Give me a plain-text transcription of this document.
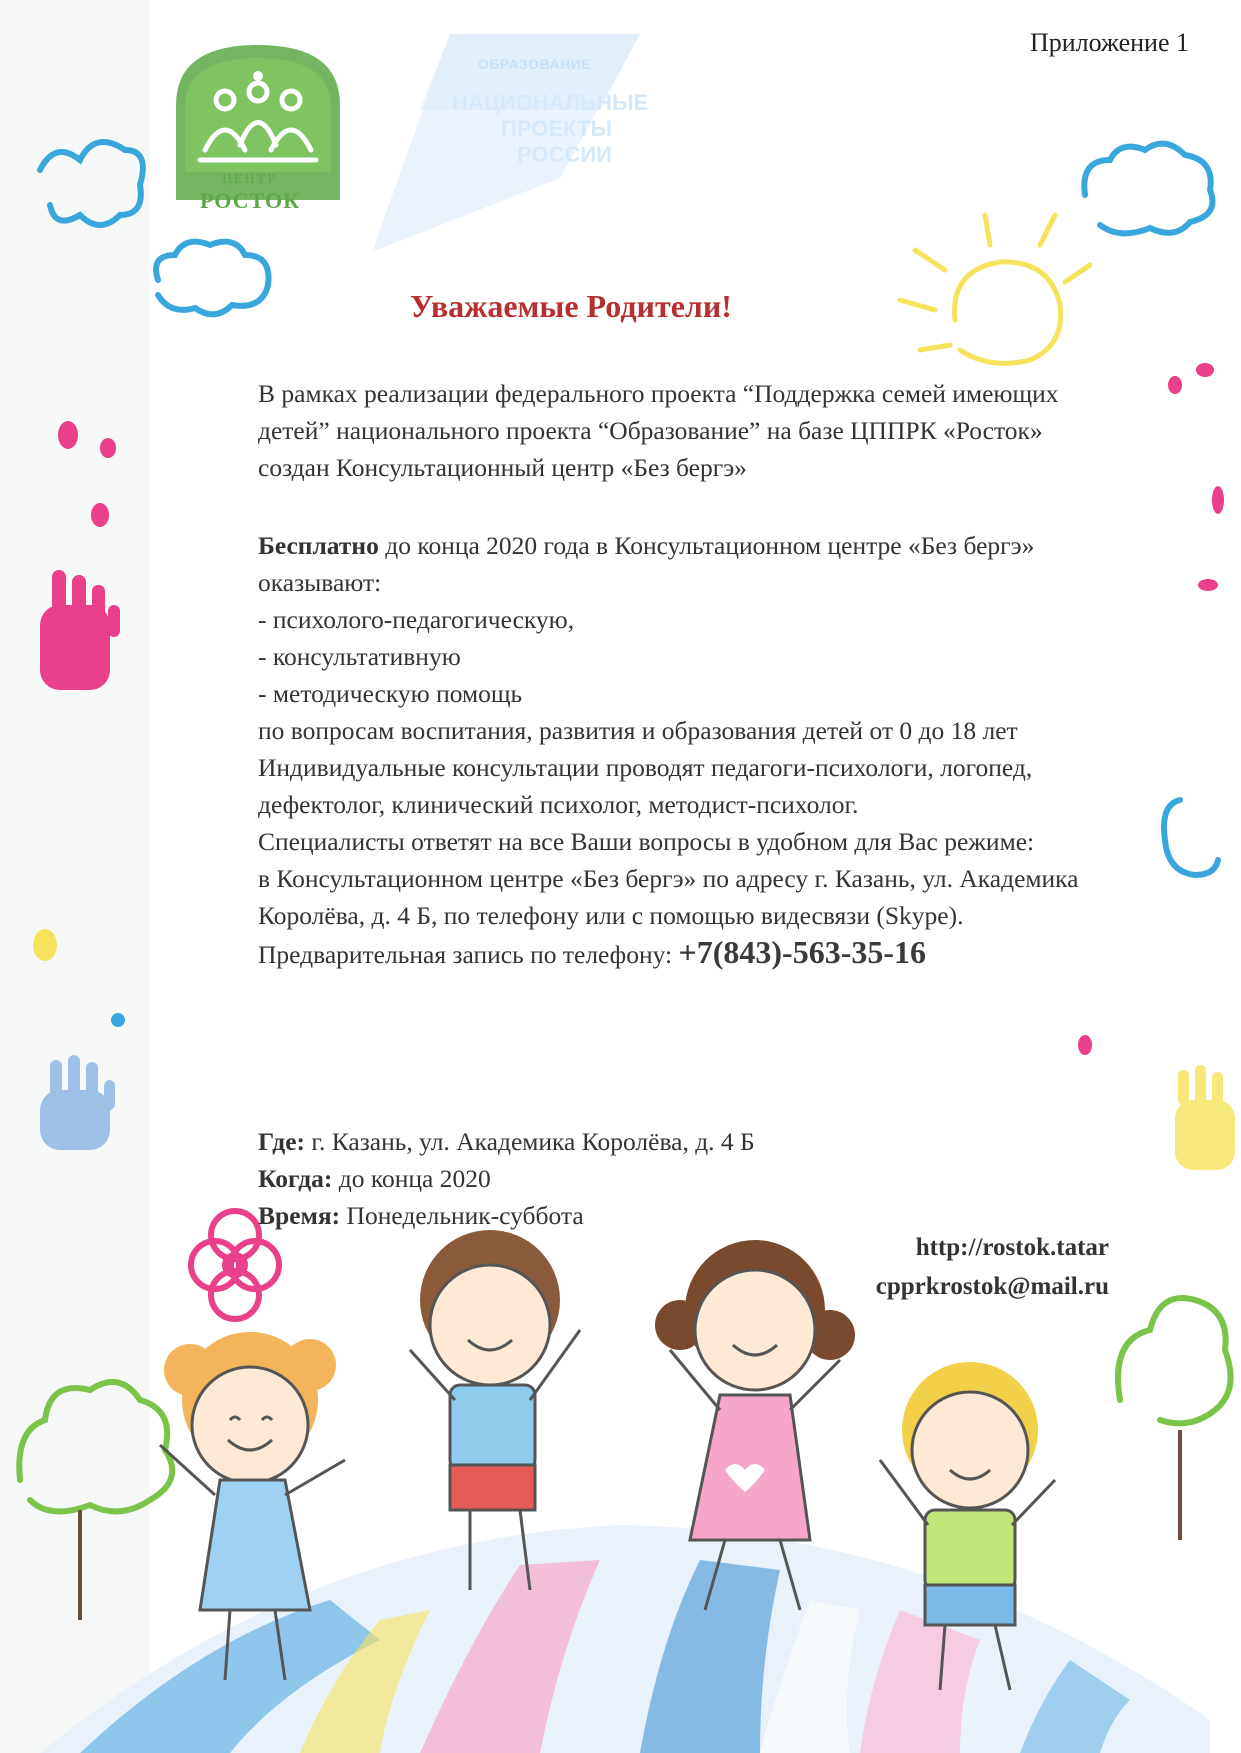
Приложение 1
ЦЕНТР
РОСТОК
ОБРАЗОВАНИЕ
НАЦИОНАЛЬНЫЕ
ПРОЕКТЫ
РОССИИ
Уважаемые Родители!
В рамках реализации федерального проекта “Поддержка семей имеющих детей” национального проекта “Образование” на базе ЦППРК «Росток» создан Консультационный центр «Без бергэ»
Бесплатно до конца 2020 года в Консультационном центре «Без бергэ» оказывают:
- психолого-педагогическую,
- консультативную
- методическую помощь
по вопросам воспитания, развития и образования детей от 0 до 18 лет
Индивидуальные консультации проводят педагоги-психологи, логопед, дефектолог, клинический психолог, методист-психолог.
Специалисты ответят на все Ваши вопросы в удобном для Вас режиме:
в Консультационном центре «Без бергэ» по адресу г. Казань, ул. Академика Королёва, д. 4 Б, по телефону или с помощью видесвязи (Skype).
Предварительная запись по телефону: +7(843)-563-35-16
Где: г. Казань, ул. Академика Королёва, д. 4 Б
Когда: до конца 2020
Время: Понедельник-суббота
http://rostok.tatar
cpprkrostok@mail.ru
